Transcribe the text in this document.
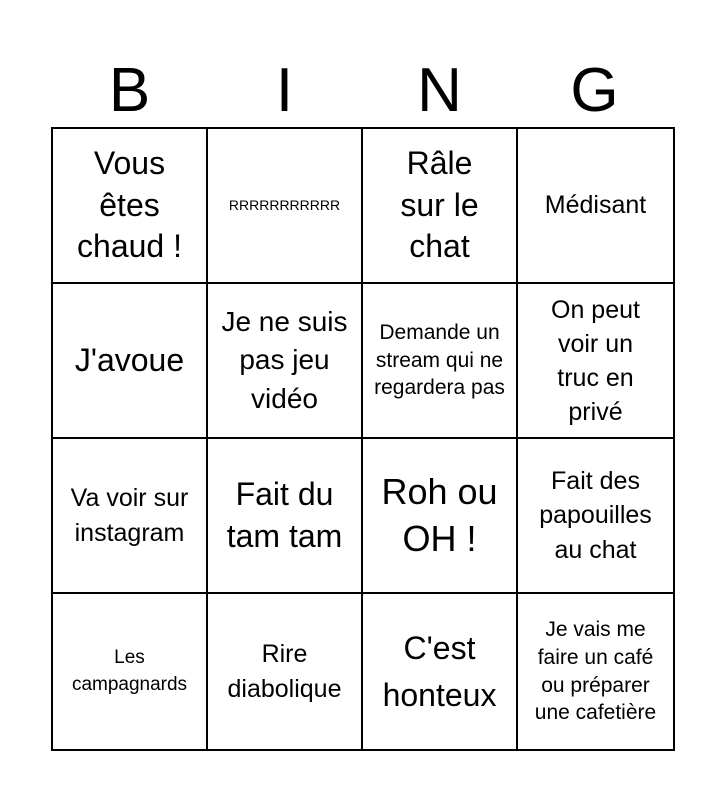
B	I	N	G
Vous êtes chaud !
RRRRRRRRRRR
Râle sur le chat
Médisant
J'avoue
Je ne suis pas jeu vidéo
Demande un stream qui ne regardera pas
On peut voir un truc en privé
Va voir sur instagram
Fait du tam tam
Roh ou OH !
Fait des papouilles au chat
Les campagnards
Rire diabolique
C'est honteux
Je vais me faire un café ou préparer une cafetière
